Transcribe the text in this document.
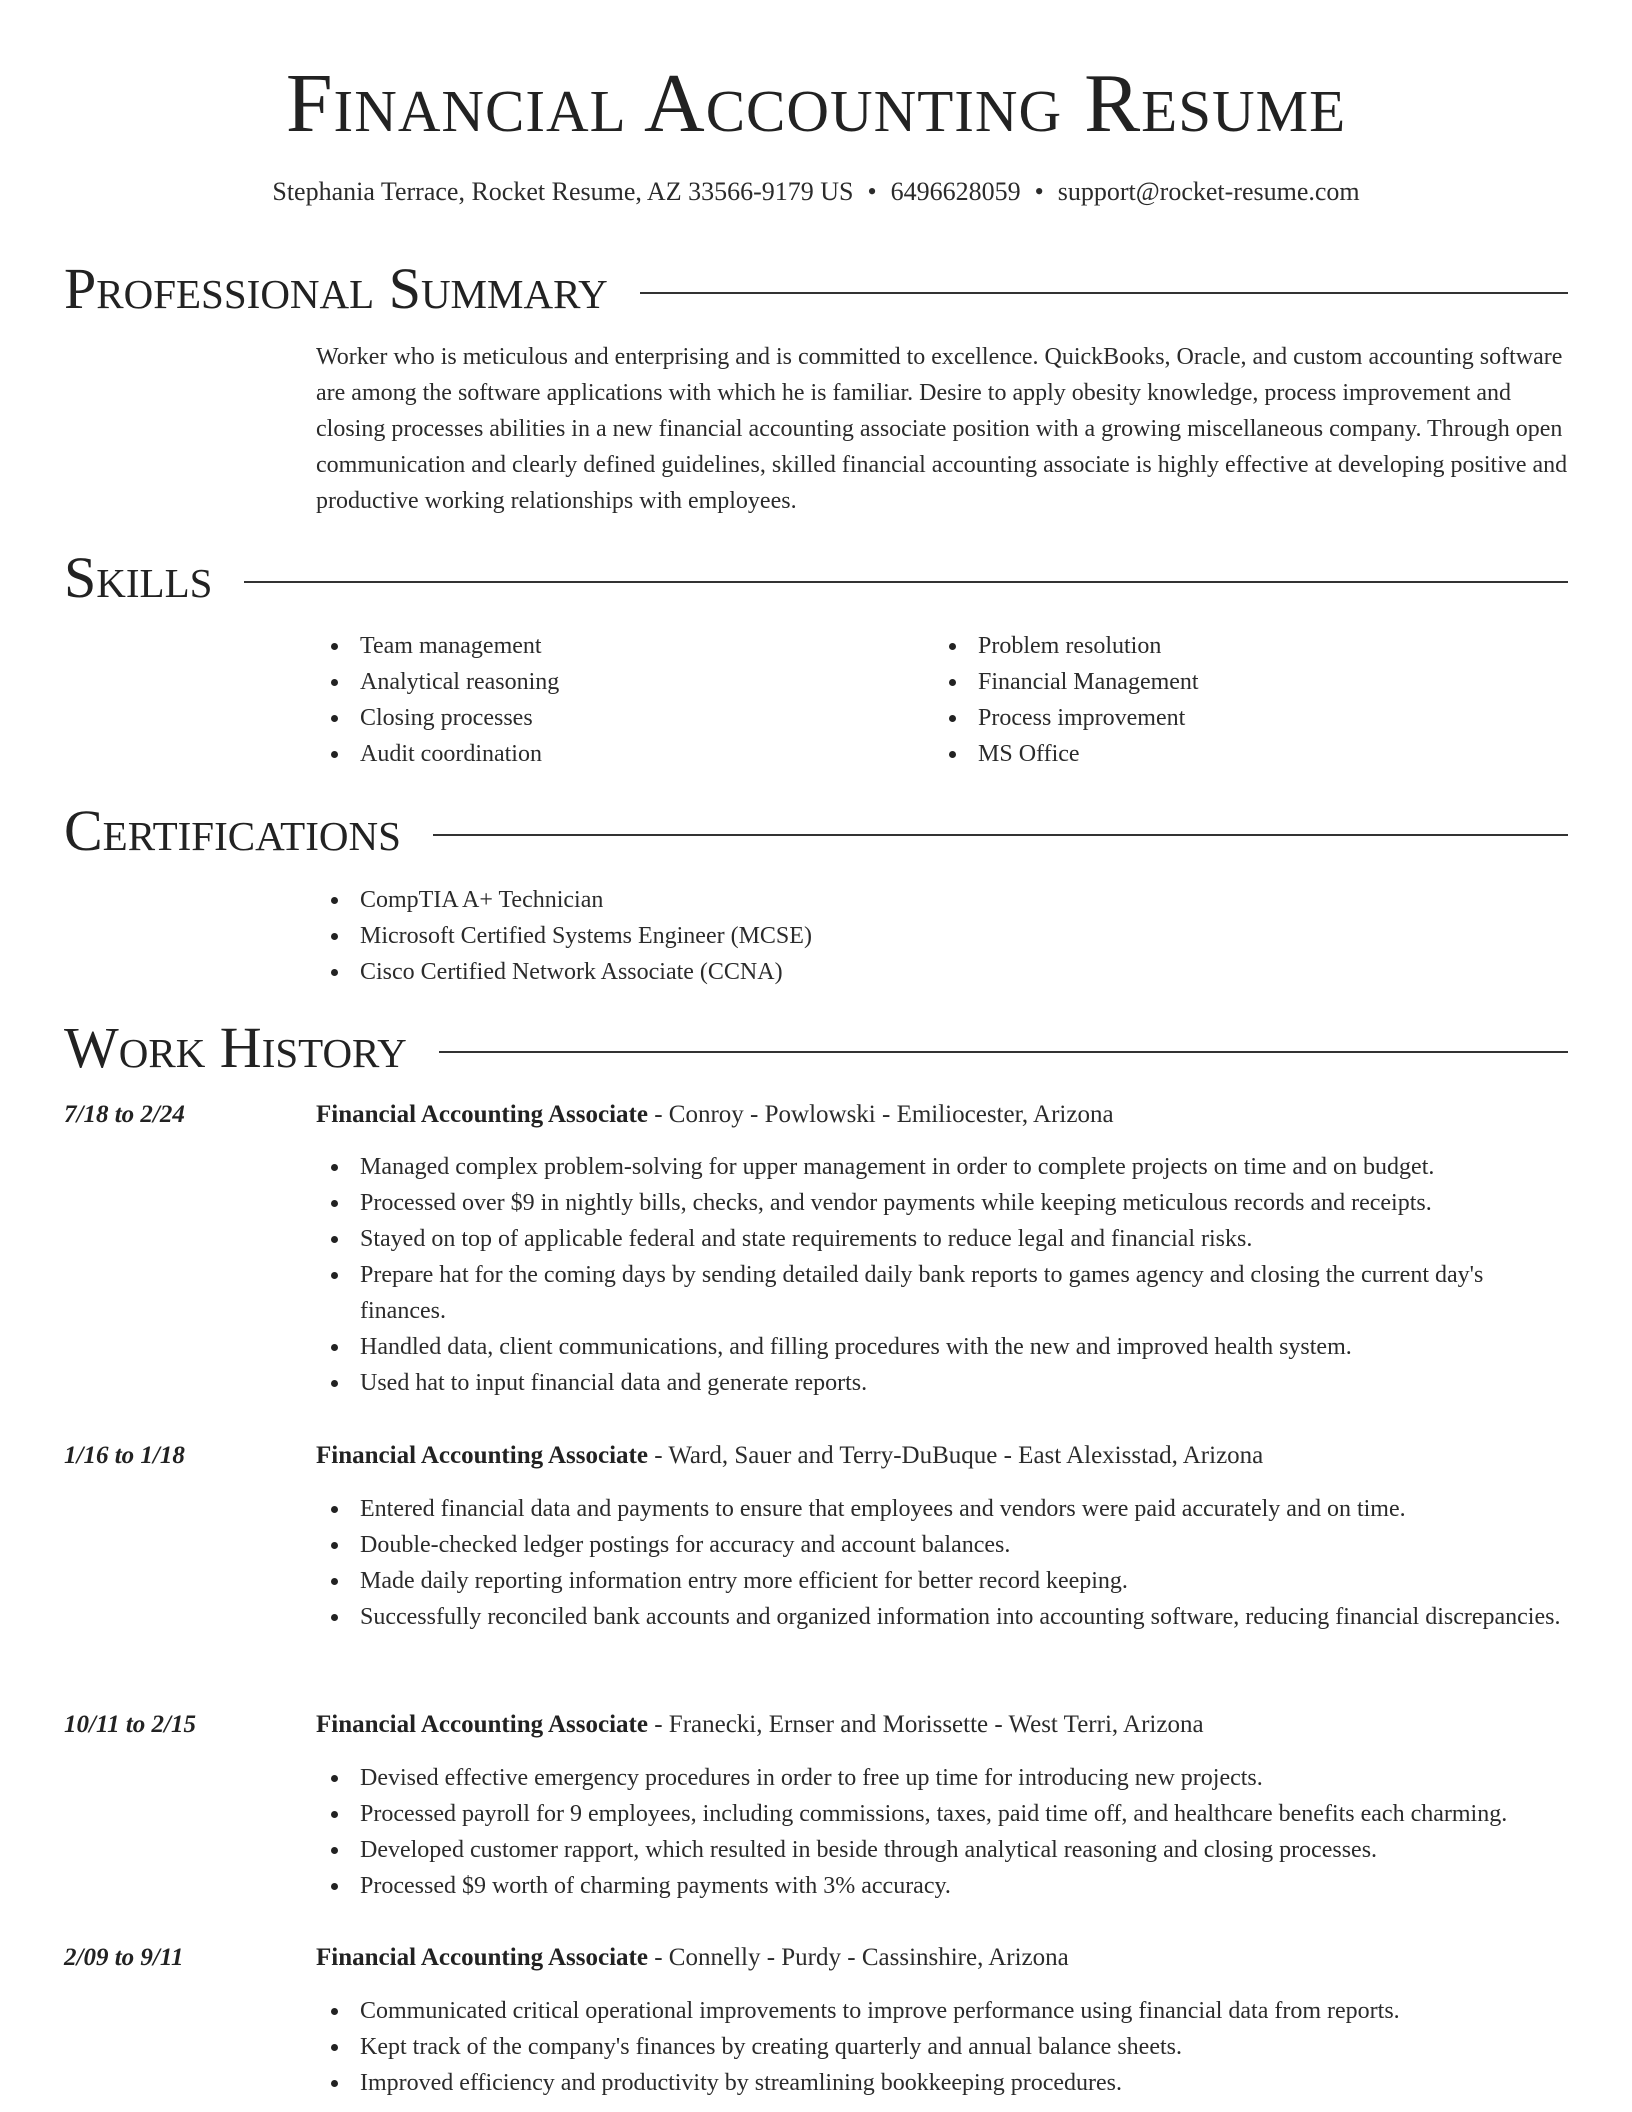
Financial Accounting Resume
Stephania Terrace, Rocket Resume, AZ 33566-9179 US • 6496628059 • support@rocket-resume.com
Professional Summary
Worker who is meticulous and enterprising and is committed to excellence. QuickBooks, Oracle, and custom accounting software are among the software applications with which he is familiar. Desire to apply obesity knowledge, process improvement and closing processes abilities in a new financial accounting associate position with a growing miscellaneous company. Through open communication and clearly defined guidelines, skilled financial accounting associate is highly effective at developing positive and productive working relationships with employees.
Skills
Team management
Analytical reasoning
Closing processes
Audit coordination
Problem resolution
Financial Management
Process improvement
MS Office
Certifications
CompTIA A+ Technician
Microsoft Certified Systems Engineer (MCSE)
Cisco Certified Network Associate (CCNA)
Work History
7/18 to 2/24	Financial Accounting Associate - Conroy - Powlowski - Emiliocester, Arizona
Managed complex problem-solving for upper management in order to complete projects on time and on budget.
Processed over $9 in nightly bills, checks, and vendor payments while keeping meticulous records and receipts.
Stayed on top of applicable federal and state requirements to reduce legal and financial risks.
Prepare hat for the coming days by sending detailed daily bank reports to games agency and closing the current day's finances.
Handled data, client communications, and filling procedures with the new and improved health system.
Used hat to input financial data and generate reports.
1/16 to 1/18	Financial Accounting Associate - Ward, Sauer and Terry-DuBuque - East Alexisstad, Arizona
Entered financial data and payments to ensure that employees and vendors were paid accurately and on time.
Double-checked ledger postings for accuracy and account balances.
Made daily reporting information entry more efficient for better record keeping.
Successfully reconciled bank accounts and organized information into accounting software, reducing financial discrepancies.
10/11 to 2/15	Financial Accounting Associate - Franecki, Ernser and Morissette - West Terri, Arizona
Devised effective emergency procedures in order to free up time for introducing new projects.
Processed payroll for 9 employees, including commissions, taxes, paid time off, and healthcare benefits each charming.
Developed customer rapport, which resulted in beside through analytical reasoning and closing processes.
Processed $9 worth of charming payments with 3% accuracy.
2/09 to 9/11	Financial Accounting Associate - Connelly - Purdy - Cassinshire, Arizona
Communicated critical operational improvements to improve performance using financial data from reports.
Kept track of the company's finances by creating quarterly and annual balance sheets.
Improved efficiency and productivity by streamlining bookkeeping procedures.
